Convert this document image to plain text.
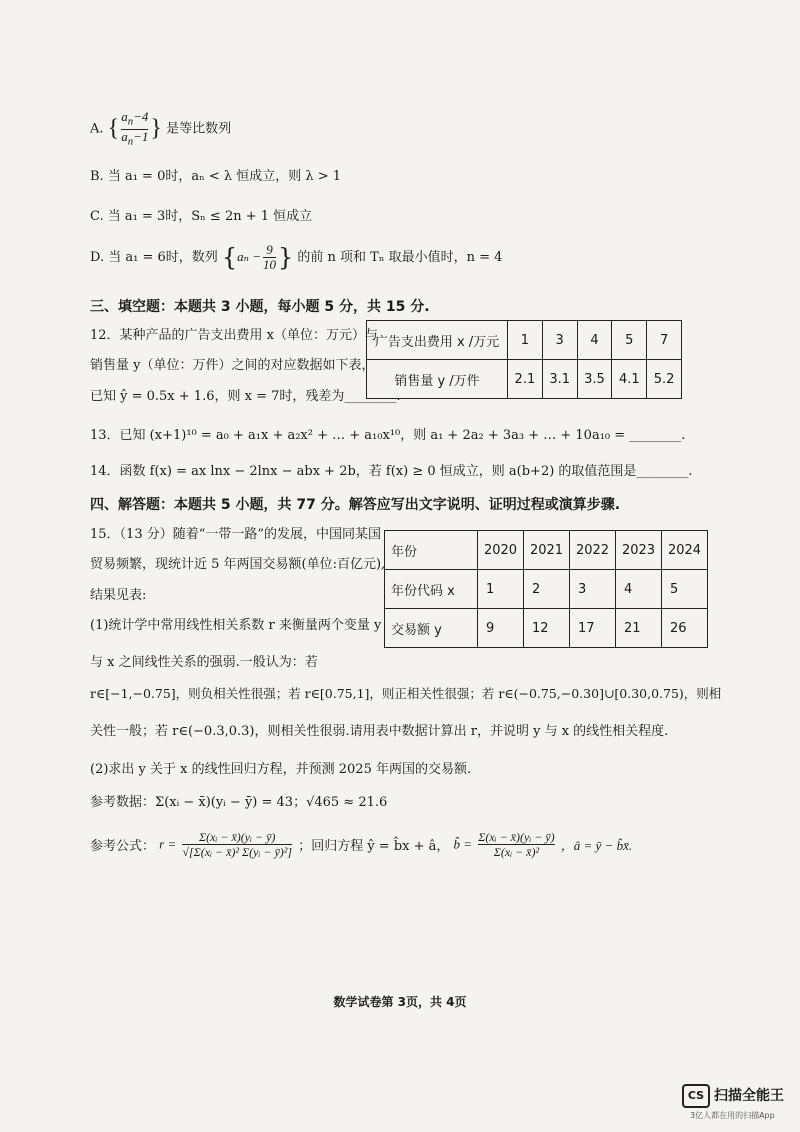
A. { $\frac{a_n-4}{a_n-1}$ } 是等比数列
B. 当 a₁ = 0时，aₙ < λ 恒成立，则 λ > 1
C. 当 a₁ = 3时，Sₙ ≤ 2n + 1 恒成立
D. 当 a₁ = 6时，数列 {$a_n - \frac{9}{10}$ } 的前 n 项和 Tₙ 取最小值时，n = 4
三、填空题：本题共 3 小题，每小题 5 分，共 15 分.
12．某种产品的广告支出费用 x（单位：万元）与
销售量 y（单位：万件）之间的对应数据如下表，
已知 ŷ = 0.5x + 1.6，则 x = 7时，残差为________.
广告支出费用 x /万元	1	3	4	5	7
销售量 y /万件	2.1	3.1	3.5	4.1	5.2
13．已知 (x+1)¹⁰ = a₀ + a₁x + a₂x² + … + a₁₀x¹⁰，则 a₁ + 2a₂ + 3a₃ + … + 10a₁₀ = ________.
14．函数 f(x) = ax lnx − 2lnx − abx + 2b，若 f(x) ≥ 0 恒成立，则 a(b+2) 的取值范围是________.
四、解答题：本题共 5 小题，共 77 分。解答应写出文字说明、证明过程或演算步骤.
15．（13 分）随着“一带一路”的发展，中国同某国
贸易频繁，现统计近 5 年两国交易额(单位:百亿元),
结果见表:
(1)统计学中常用线性相关系数 r 来衡量两个变量 y
与 x 之间线性关系的强弱.一般认为：若
年份	2020	2021	2022	2023	2024
年份代码 x	1	2	3	4	5
交易额 y	9	12	17	21	26
r∈[−1,−0.75]，则负相关性很强；若 r∈[0.75,1]，则正相关性很强；若 r∈(−0.75,−0.30]∪[0.30,0.75)，则相
关性一般；若 r∈(−0.3,0.3)，则相关性很弱.请用表中数据计算出 r，并说明 y 与 x 的线性相关程度.
(2)求出 y 关于 x 的线性回归方程，并预测 2025 年两国的交易额.
参考数据：Σ(xᵢ − x̄)(yᵢ − ȳ) = 43；√465 ≈ 21.6
参考公式： $r = \frac{\text{Σ(xᵢ − x̄)(yᵢ − ȳ)}}{\text{√[Σ(xᵢ − x̄)² Σ(yᵢ − ȳ)²]}}$ ；回归方程 ŷ = b̂x + â， b̂ = $\frac{\text{Σ(xᵢ − x̄)(yᵢ − ȳ)}}{\text{Σ(xᵢ − x̄)²}}$ ，â = ȳ − b̂x̄.
数学试卷第 3页，共 4页
CS 扫描全能王
3亿人都在用的扫描App
